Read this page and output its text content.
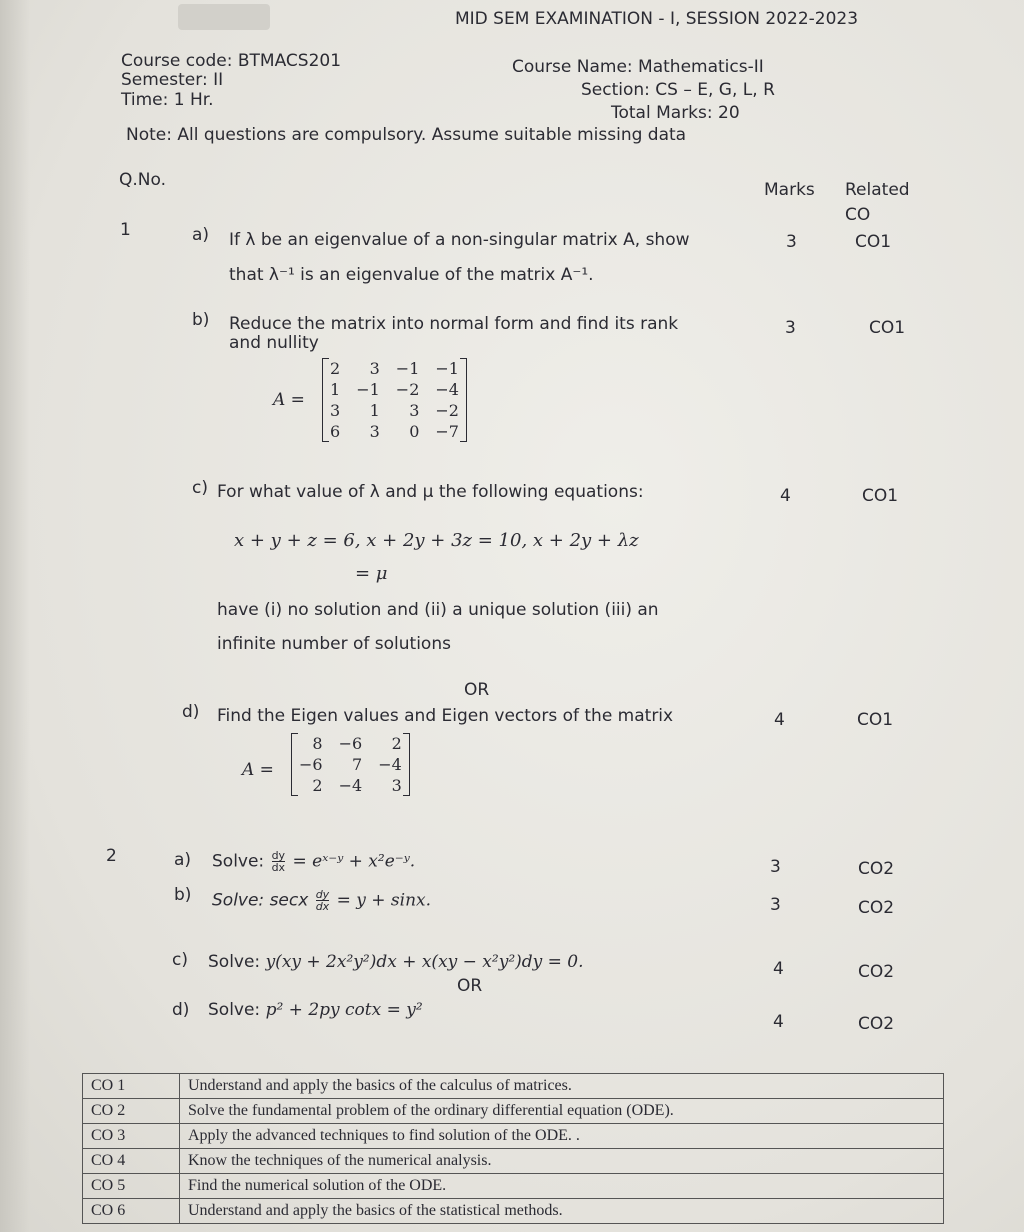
MID SEM EXAMINATION - I, SESSION 2022-2023
Course code: BTMACS201
Semester: II
Time: 1 Hr.
Course Name: Mathematics-II
Section: CS – E, G, L, R
Total Marks: 20
Note: All questions are compulsory. Assume suitable missing data
Q.No.	Marks Related
CO
1	a) If λ be an eigenvalue of a non-singular matrix A, show
that λ⁻¹ is an eigenvalue of the matrix A⁻¹.
3	CO1
b) Reduce the matrix into normal form and find its rank
and nullity
3	CO1
A =
2	3	−1	−1
1	−1	−2	−4
3	1	3	−2
6	3	0	−7
c) For what value of λ and μ the following equations:	4	CO1
x + y + z = 6, x + 2y + 3z = 10, x + 2y + λz
= μ
have (i) no solution and (ii) a unique solution (iii) an
infinite number of solutions
OR
d) Find the Eigen values and Eigen vectors of the matrix	4	CO1
A =
8	−6	2
−6	7	−4
2	−4	3
2	a) Solve: $\frac{dy}{dx}$ = eˣ⁻ʸ + x²e⁻ʸ.	3	CO2
b) Solve: secx $\frac{dy}{dx} = y + \sin x$.	3	CO2
c) Solve: y(xy + 2x²y²)dx + x(xy − x²y²)dy = 0.	4	CO2
OR
d) Solve: p² + 2py cotx = y²
4	CO2
CO 1	Understand and apply the basics of the calculus of matrices.
CO 2	Solve the fundamental problem of the ordinary differential equation (ODE).
CO 3	Apply the advanced techniques to find solution of the ODE. .
CO 4	Know the techniques of the numerical analysis.
CO 5	Find the numerical solution of the ODE.
CO 6	Understand and apply the basics of the statistical methods.
